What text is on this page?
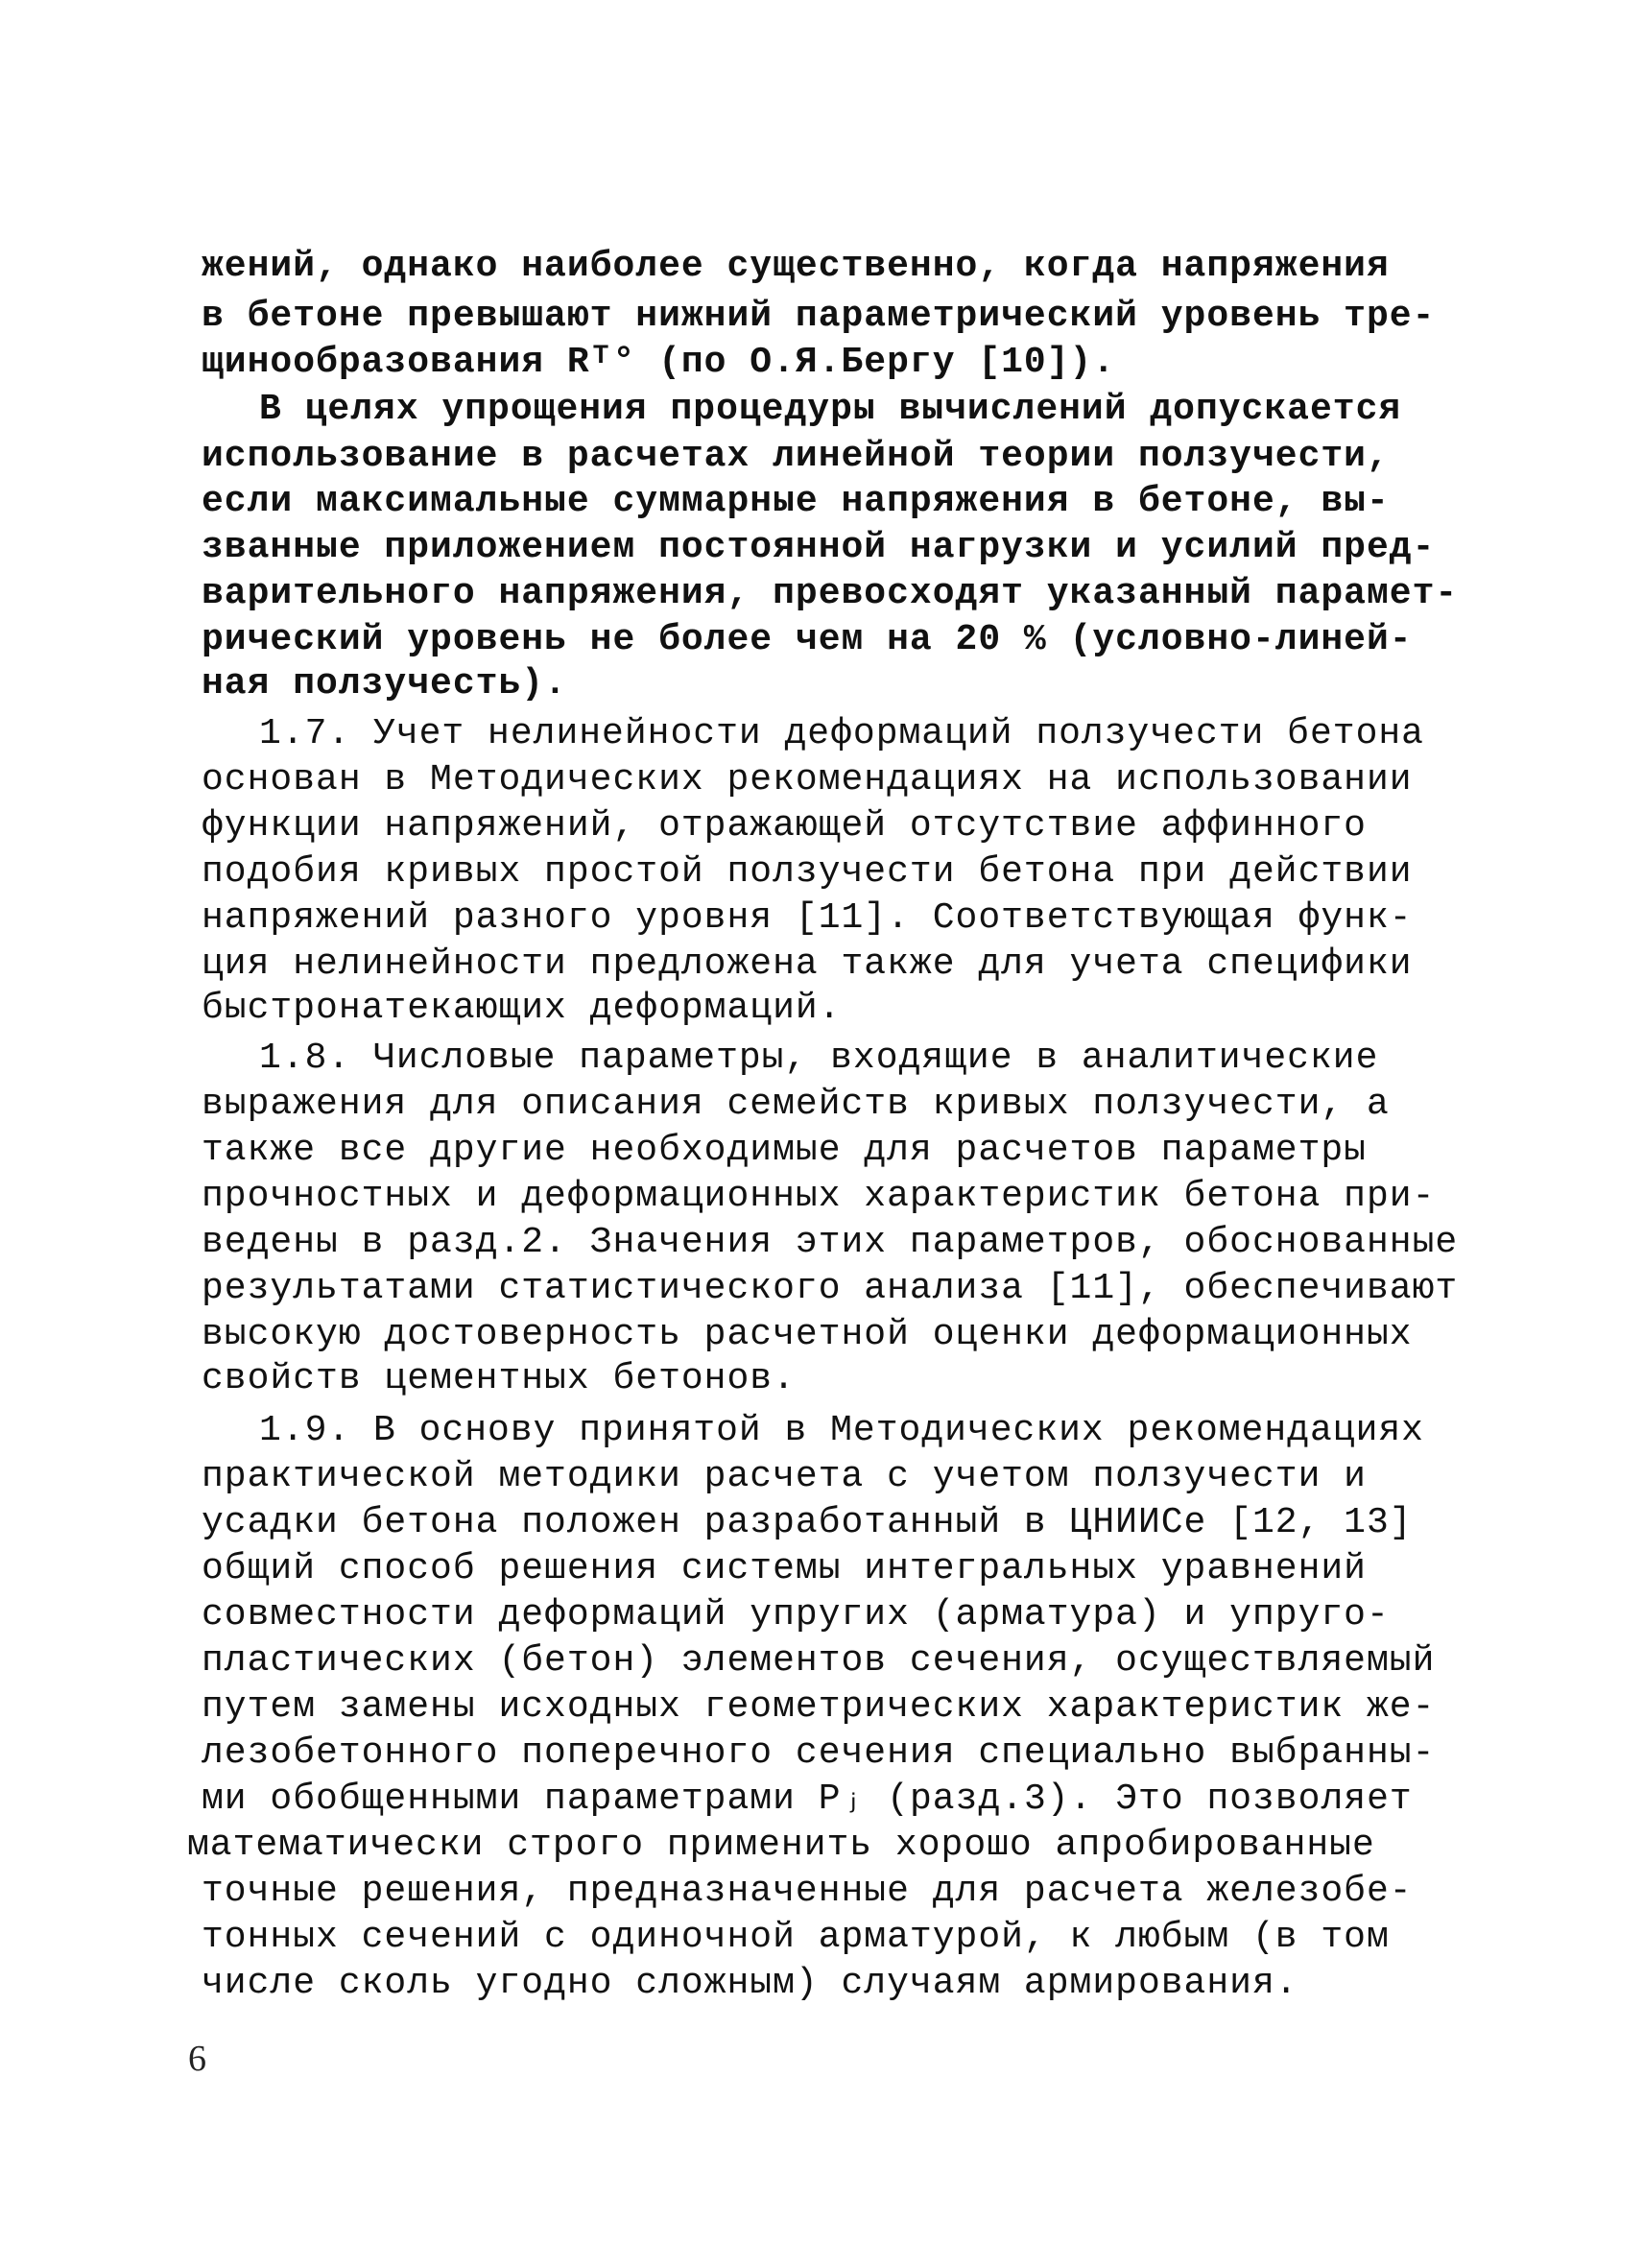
жений, однако наиболее существенно, когда напряжения
в бетоне превышают нижний параметрический уровень тре-
щинообразования Rᵀ° (по О.Я.Бергу [10]).
В целях упрощения процедуры вычислений допускается
использование в расчетах линейной теории ползучести,
если максимальные суммарные напряжения в бетоне, вы-
званные приложением постоянной нагрузки и усилий пред-
варительного напряжения, превосходят указанный парамет-
рический уровень не более чем на 20 % (условно-линей-
ная ползучесть).
1.7. Учет нелинейности деформаций ползучести бетона
основан в Методических рекомендациях на использовании
функции напряжений, отражающей отсутствие аффинного
подобия кривых простой ползучести бетона при действии
напряжений разного уровня [11]. Соответствующая функ-
ция нелинейности предложена также для учета специфики
быстронатекающих деформаций.
1.8. Числовые параметры, входящие в аналитические
выражения для описания семейств кривых ползучести, а
также все другие необходимые для расчетов параметры
прочностных и деформационных характеристик бетона при-
ведены в разд.2. Значения этих параметров, обоснованные
результатами статистического анализа [11], обеспечивают
высокую достоверность расчетной оценки деформационных
свойств цементных бетонов.
1.9. В основу принятой в Методических рекомендациях
практической методики расчета с учетом ползучести и
усадки бетона положен разработанный в ЦНИИСе [12, 13]
общий способ решения системы интегральных уравнений
совместности деформаций упругих (арматура) и упруго-
пластических (бетон) элементов сечения, осуществляемый
путем замены исходных геометрических характеристик же-
лезобетонного поперечного сечения специально выбранны-
ми обобщенными параметрами Pⱼ (разд.3). Это позволяет
математически строго применить хорошо апробированные
точные решения, предназначенные для расчета железобе-
тонных сечений с одиночной арматурой, к любым (в том
числе сколь угодно сложным) случаям армирования.
6
